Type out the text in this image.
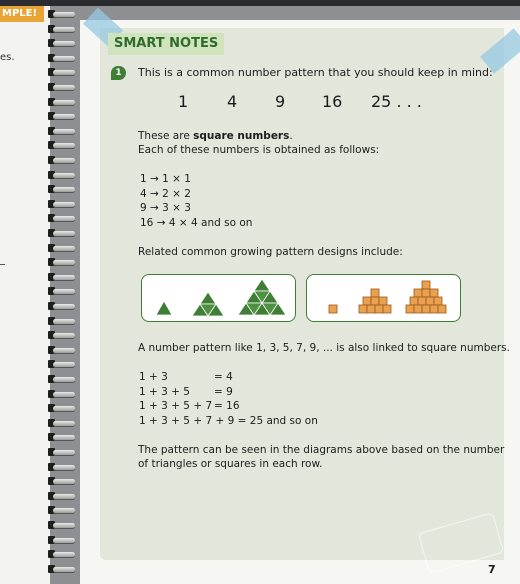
MPLE!
es.
SMART NOTES
1	This is a common number pattern that you should keep in mind:
1 4 9 16 25 . . .
These are square numbers.
Each of these numbers is obtained as follows:
1 → 1 × 1
4 → 2 × 2
9 → 3 × 3
16 → 4 × 4 and so on
Related common growing pattern designs include:
A number pattern like 1, 3, 5, 7, 9, ... is also linked to square numbers.
1 + 3	= 4
1 + 3 + 5 = 9
1 + 3 + 5 + 7 = 16
1 + 3 + 5 + 7 + 9 = 25 and so on
The pattern can be seen in the diagrams above based on the number
of triangles or squares in each row.
7
